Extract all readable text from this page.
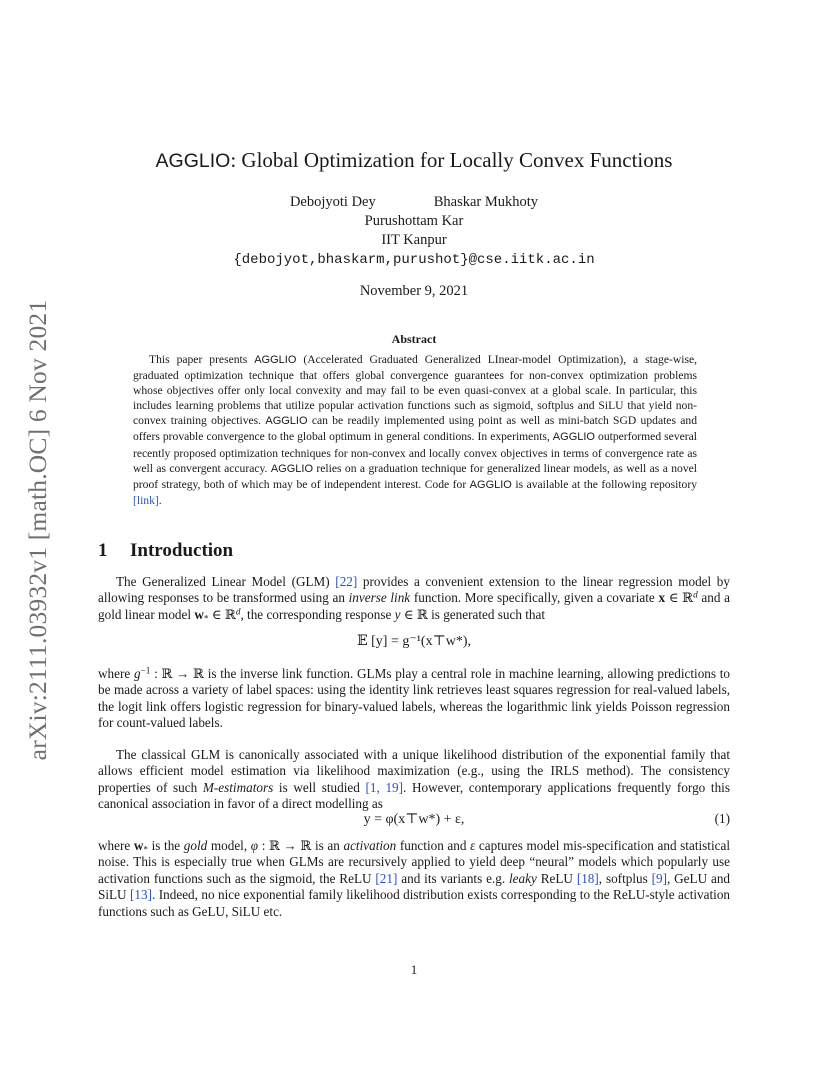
arXiv:2111.03932v1 [math.OC] 6 Nov 2021
AGGLIO: Global Optimization for Locally Convex Functions
Debojyoti Dey	Bhaskar Mukhoty
Purushottam Kar
IIT Kanpur
{debojyot,bhaskarm,purushot}@cse.iitk.ac.in
November 9, 2021
Abstract
This paper presents AGGLIO (Accelerated Graduated Generalized LInear-model Optimization), a stage-wise, graduated optimization technique that offers global convergence guarantees for non-convex optimization problems whose objectives offer only local convexity and may fail to be even quasi-convex at a global scale. In particular, this includes learning problems that utilize popular activation functions such as sigmoid, softplus and SiLU that yield non-convex training objectives. AGGLIO can be readily implemented using point as well as mini-batch SGD updates and offers provable convergence to the global optimum in general conditions. In experiments, AGGLIO outperformed several recently proposed optimization techniques for non-convex and locally convex objectives in terms of convergence rate as well as convergent accuracy. AGGLIO relies on a graduation technique for generalized linear models, as well as a novel proof strategy, both of which may be of independent interest. Code for AGGLIO is available at the following repository [link].
1 Introduction
The Generalized Linear Model (GLM) [22] provides a convenient extension to the linear regression model by allowing responses to be transformed using an inverse link function. More specifically, given a covariate x ∈ ℝ$^d$ and a gold linear model $w_*$ ∈ ℝ$^d$, the corresponding response y ∈ ℝ is generated such that
𝔼 [y] = g⁻¹(x⊤w*),
where $g^{-1}$ : ℝ → ℝ is the inverse link function. GLMs play a central role in machine learning, allowing predictions to be made across a variety of label spaces: using the identity link retrieves least squares regression for real-valued labels, the logit link offers logistic regression for binary-valued labels, whereas the logarithmic link yields Poisson regression for count-valued labels.
The classical GLM is canonically associated with a unique likelihood distribution of the exponential family that allows efficient model estimation via likelihood maximization (e.g., using the IRLS method). The consistency properties of such M-estimators is well studied [1, 19]. However, contemporary applications frequently forgo this canonical association in favor of a direct modelling as
y = φ(x⊤w*) + ε,	(1)
where $w_*$ is the gold model, φ : ℝ → ℝ is an activation function and ε captures model mis-specification and statistical noise. This is especially true when GLMs are recursively applied to yield deep “neural” models which popularly use activation functions such as the sigmoid, the ReLU [21] and its variants e.g. leaky ReLU [18], softplus [9], GeLU and SiLU [13]. Indeed, no nice exponential family likelihood distribution exists corresponding to the ReLU-style activation functions such as GeLU, SiLU etc.
1
